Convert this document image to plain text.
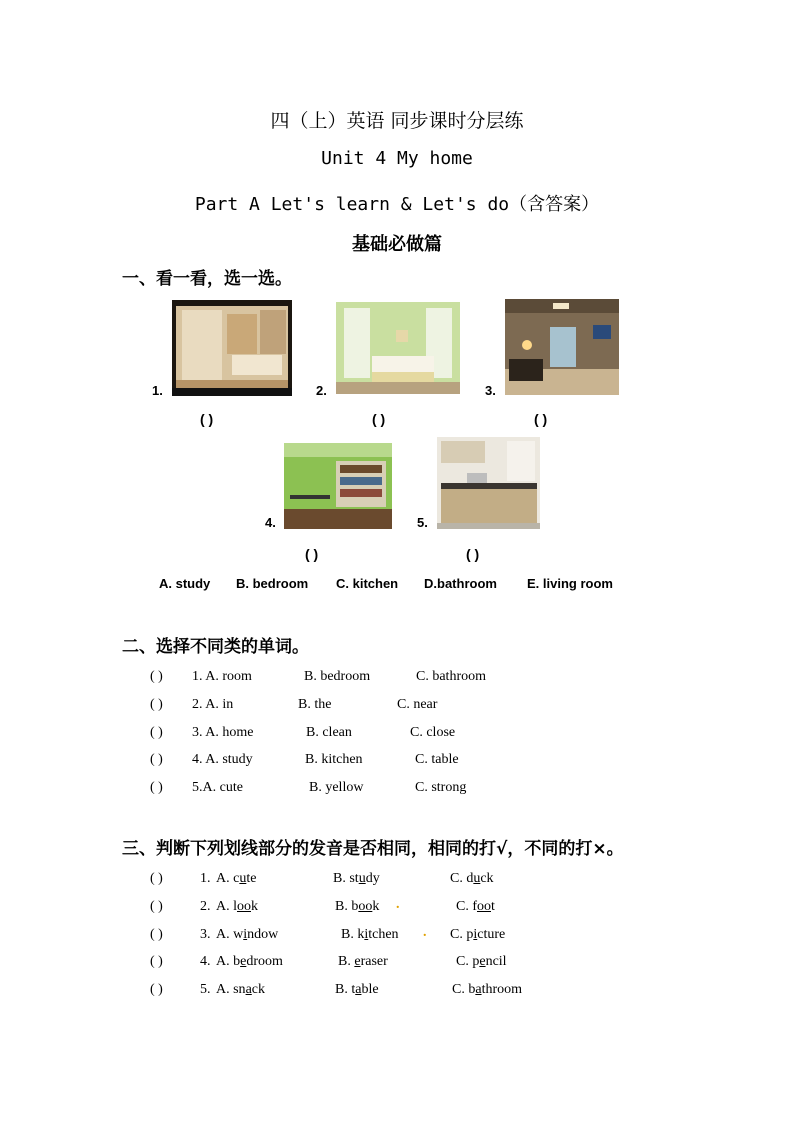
四（上）英语 同步课时分层练
Unit 4 My home
Part A Let's learn & Let's do（含答案）
基础必做篇
一、看一看，选一选。
1.
( )
2.
( )
3.
( )
4.
( )
5.
( )
A. study B. bedroom C. kitchen D.bathroom E. living room
二、选择不同类的单词。
( ) 1. A. room	B. bedroom	C. bathroom
( ) 2. A. in	B. the	C. near
( ) 3. A. home	B. clean	C. close
( ) 4. A. study	B. kitchen	C. table
( ) 5.A. cute	B. yellow	C. strong
三、判断下列划线部分的发音是否相同，相同的打√，不同的打×。
( )	1. A. cute	B. study	C. duck
( )	2. A. look	B. book .	C. foot
( )	3. A. window	B. kitchen . C. picture
( )	4. A. bedroom	B. eraser	C. pencil
( )	5. A. snack	B. table	C. bathroom
